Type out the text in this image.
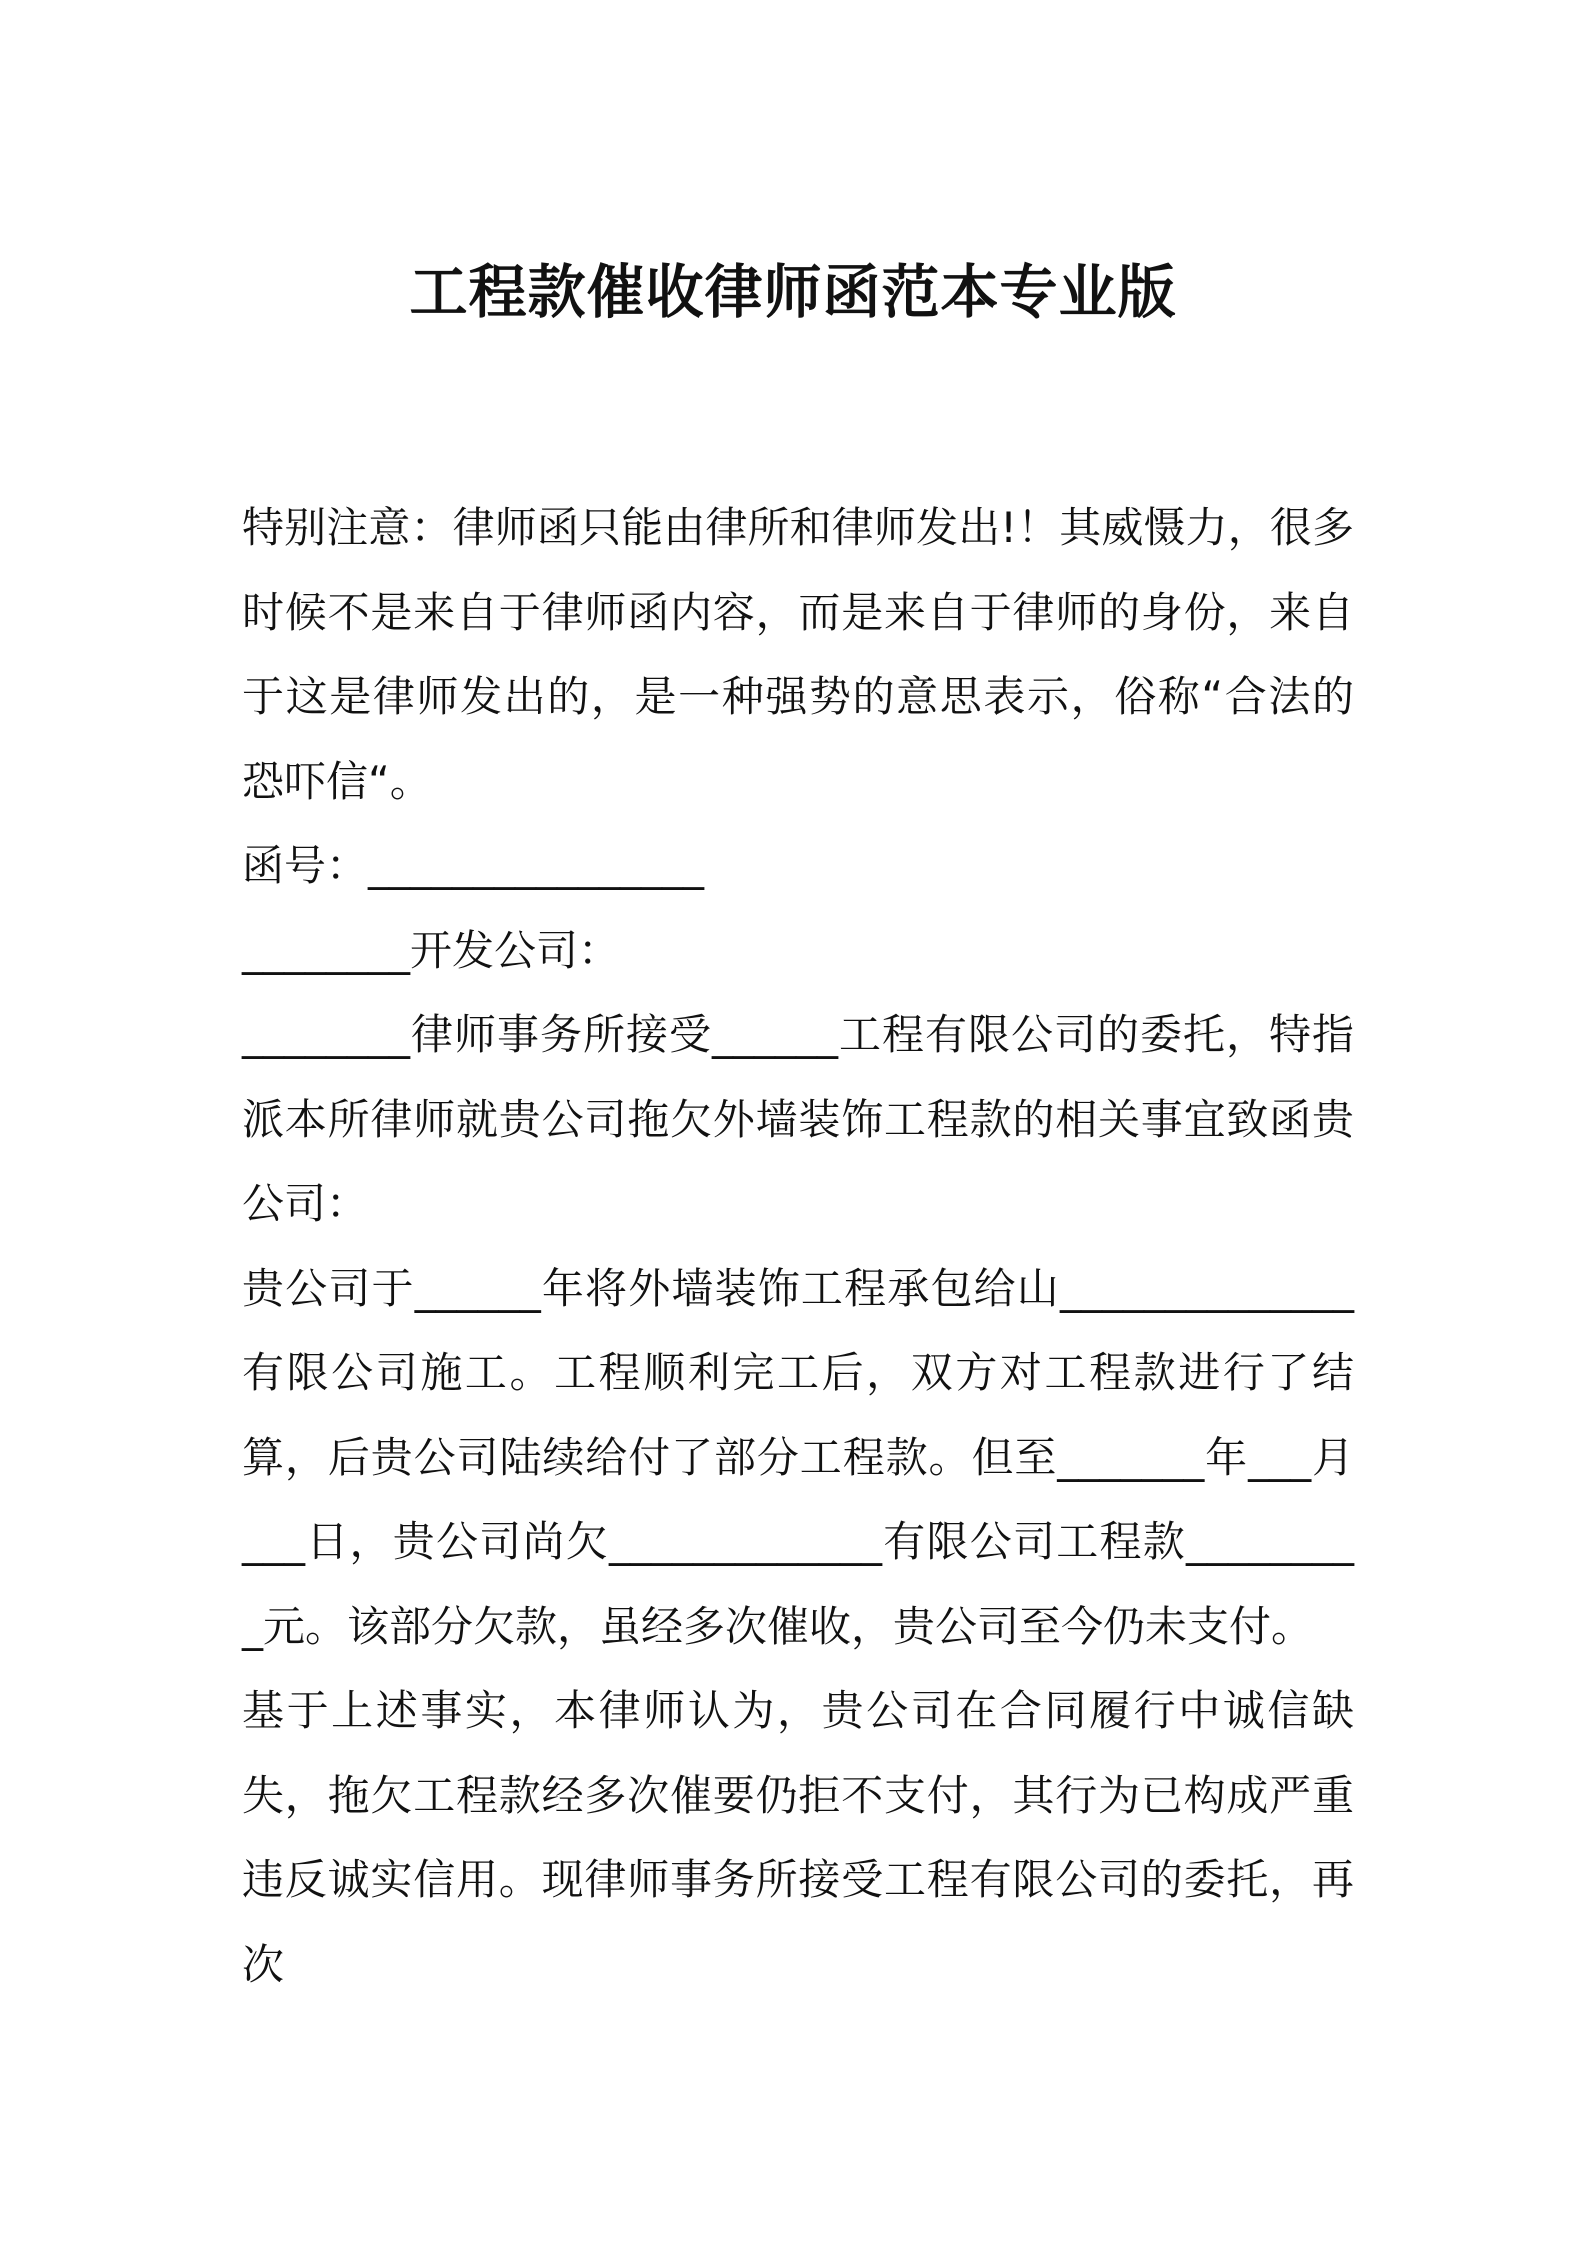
工程款催收律师函范本专业版

特别注意：律师函只能由律所和律师发出!！其威慑力，很多时候不是来自于律师函内容，而是来自于律师的身份，来自于这是律师发出的，是一种强势的意思表示，俗称“合法的恐吓信“。

函号：________________

________开发公司：

________律师事务所接受______工程有限公司的委托，特指派本所律师就贵公司拖欠外墙装饰工程款的相关事宜致函贵公司：

贵公司于______年将外墙装饰工程承包给山______________有限公司施工。工程顺利完工后，双方对工程款进行了结算，后贵公司陆续给付了部分工程款。但至_______年___月___日，贵公司尚欠_____________有限公司工程款_________元。该部分欠款，虽经多次催收，贵公司至今仍未支付。

基于上述事实，本律师认为，贵公司在合同履行中诚信缺失，拖欠工程款经多次催要仍拒不支付，其行为已构成严重违反诚实信用。现律师事务所接受工程有限公司的委托，再次
